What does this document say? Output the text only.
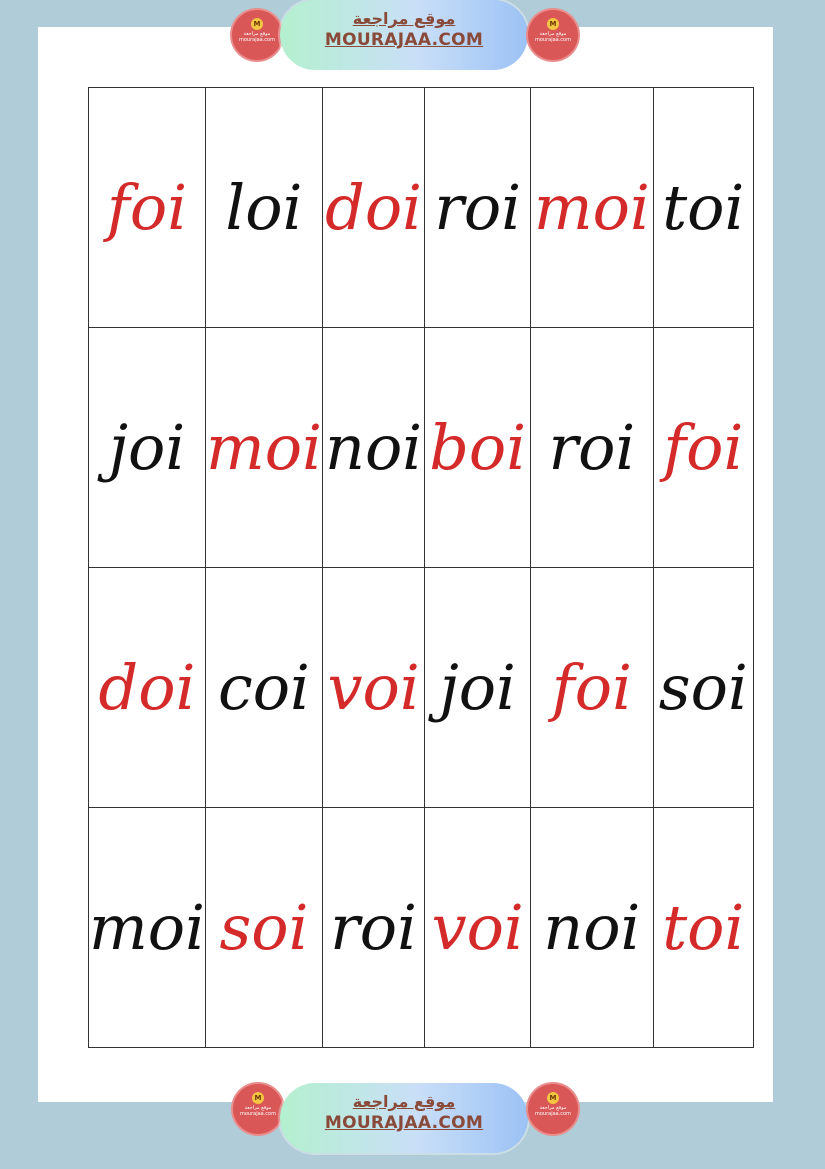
M
موقع مراجعة
mourajaa.com
موقع مراجعة
MOURAJAA.COM
M
موقع مراجعة
mourajaa.com
foi	loi	doi	roi	moi	toi
joi	moi	noi	boi	roi	foi
doi	coi	voi	joi	foi	soi
moi	soi	roi	voi	noi	toi
M
موقع مراجعة
mourajaa.com
موقع مراجعة
MOURAJAA.COM
M
موقع مراجعة
mourajaa.com
